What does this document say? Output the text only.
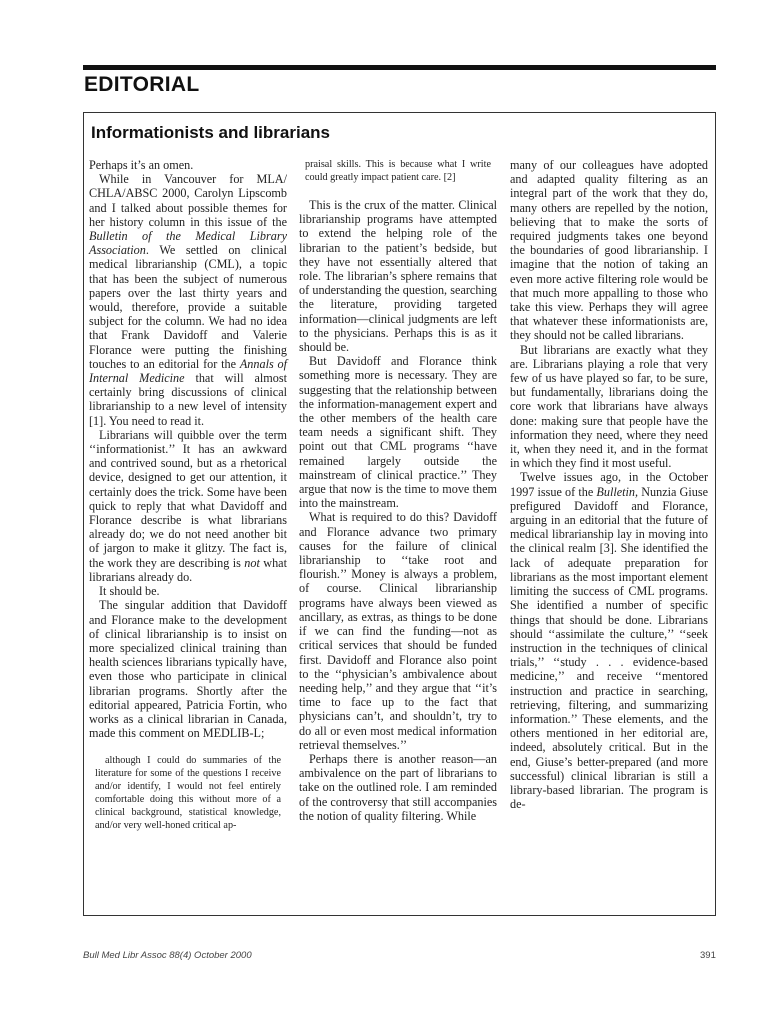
EDITORIAL
Informationists and librarians

Perhaps it’s an omen.

While in Vancouver for MLA/ CHLA/ABSC 2000, Carolyn Lipscomb and I talked about possible themes for her history column in this issue of the Bulletin of the Medical Library Association. We settled on clinical medical librarianship (CML), a topic that has been the subject of numerous papers over the last thirty years and would, therefore, provide a suitable subject for the column. We had no idea that Frank Davidoff and Valerie Florance were putting the finishing touches to an editorial for the Annals of Internal Medicine that will almost certainly bring discussions of clinical librarianship to a new level of intensity [1]. You need to read it.

Librarians will quibble over the term ‘‘informationist.’’ It has an awkward and contrived sound, but as a rhetorical device, designed to get our attention, it certainly does the trick. Some have been quick to reply that what Davidoff and Florance describe is what librarians already do; we do not need another bit of jargon to make it glitzy. The fact is, the work they are describing is not what librarians already do.

It should be.

The singular addition that Davidoff and Florance make to the development of clinical librarianship is to insist on more specialized clinical training than health sciences librarians typically have, even those who participate in clinical librarian programs. Shortly after the editorial appeared, Patricia Fortin, who works as a clinical librarian in Canada, made this comment on MEDLIB-L;

although I could do summaries of the literature for some of the questions I receive and/or identify, I would not feel entirely comfortable doing this without more of a clinical background, statistical knowledge, and/or very well-honed critical ap-

praisal skills. This is because what I write could greatly impact patient care. [2]

This is the crux of the matter. Clinical librarianship programs have attempted to extend the helping role of the librarian to the patient’s bedside, but they have not essentially altered that role. The librarian’s sphere remains that of understanding the question, searching the literature, providing targeted information—clinical judgments are left to the physicians. Perhaps this is as it should be.

But Davidoff and Florance think something more is necessary. They are suggesting that the relationship between the information-management expert and the other members of the health care team needs a significant shift. They point out that CML programs ‘‘have remained largely outside the mainstream of clinical practice.’’ They argue that now is the time to move them into the mainstream.

What is required to do this? Davidoff and Florance advance two primary causes for the failure of clinical librarianship to ‘‘take root and flourish.’’ Money is always a problem, of course. Clinical librarianship programs have always been viewed as ancillary, as extras, as things to be done if we can find the funding—not as critical services that should be funded first. Davidoff and Florance also point to the ‘‘physician’s ambivalence about needing help,’’ and they argue that ‘‘it’s time to face up to the fact that physicians can’t, and shouldn’t, try to do all or even most medical information retrieval themselves.’’

Perhaps there is another reason—an ambivalence on the part of librarians to take on the outlined role. I am reminded of the controversy that still accompanies the notion of quality filtering. While

many of our colleagues have adopted and adapted quality filtering as an integral part of the work that they do, many others are repelled by the notion, believing that to make the sorts of required judgments takes one beyond the boundaries of good librarianship. I imagine that the notion of taking an even more active filtering role would be that much more appalling to those who take this view. Perhaps they will agree that whatever these informationists are, they should not be called librarians.

But librarians are exactly what they are. Librarians playing a role that very few of us have played so far, to be sure, but fundamentally, librarians doing the core work that librarians have always done: making sure that people have the information they need, where they need it, when they need it, and in the format in which they find it most useful.

Twelve issues ago, in the October 1997 issue of the Bulletin, Nunzia Giuse prefigured Davidoff and Florance, arguing in an editorial that the future of medical librarianship lay in moving into the clinical realm [3]. She identified the lack of adequate preparation for librarians as the most important element limiting the success of CML programs. She identified a number of specific things that should be done. Librarians should ‘‘assimilate the culture,’’ ‘‘seek instruction in the techniques of clinical trials,’’ ‘‘study . . . evidence-based medicine,’’ and receive ‘‘mentored instruction and practice in searching, retrieving, filtering, and summarizing information.’’ These elements, and the others mentioned in her editorial are, indeed, absolutely critical. But in the end, Giuse’s better-prepared (and more successful) clinical librarian is still a library-based librarian. The program is de-

Bull Med Libr Assoc 88(4) October 2000	391
